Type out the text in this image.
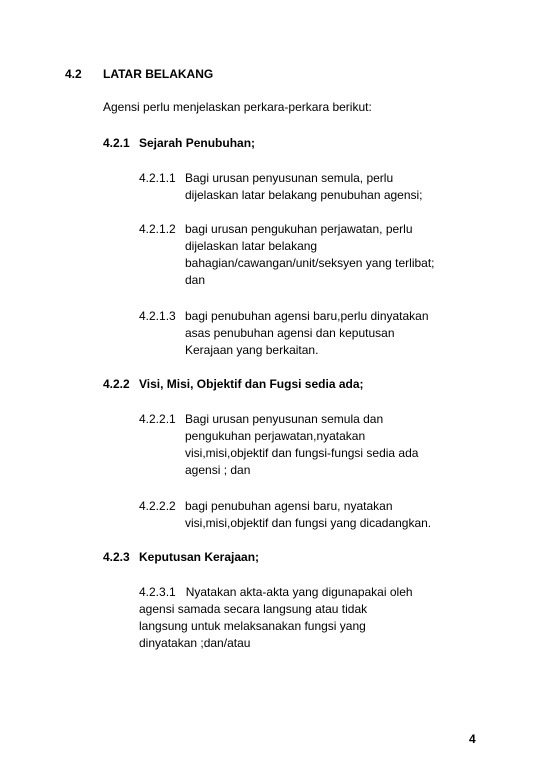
4.2 LATAR BELAKANG
Agensi perlu menjelaskan perkara-perkara berikut:
4.2.1 Sejarah Penubuhan;
4.2.1.1 Bagi urusan penyusunan semula, perlu
dijelaskan latar belakang penubuhan agensi;
4.2.1.2 bagi urusan pengukuhan perjawatan, perlu
dijelaskan latar belakang
bahagian/cawangan/unit/seksyen yang terlibat;
dan
4.2.1.3 bagi penubuhan agensi baru,perlu dinyatakan
asas penubuhan agensi dan keputusan
Kerajaan yang berkaitan.
4.2.2 Visi, Misi, Objektif dan Fugsi sedia ada;
4.2.2.1 Bagi urusan penyusunan semula dan
pengukuhan perjawatan,nyatakan
visi,misi,objektif dan fungsi-fungsi sedia ada
agensi ; dan
4.2.2.2 bagi penubuhan agensi baru, nyatakan
visi,misi,objektif dan fungsi yang dicadangkan.
4.2.3 Keputusan Kerajaan;
4.2.3.1 Nyatakan akta-akta yang digunapakai oleh
agensi samada secara langsung atau tidak
langsung untuk melaksanakan fungsi yang
dinyatakan ;dan/atau
4
